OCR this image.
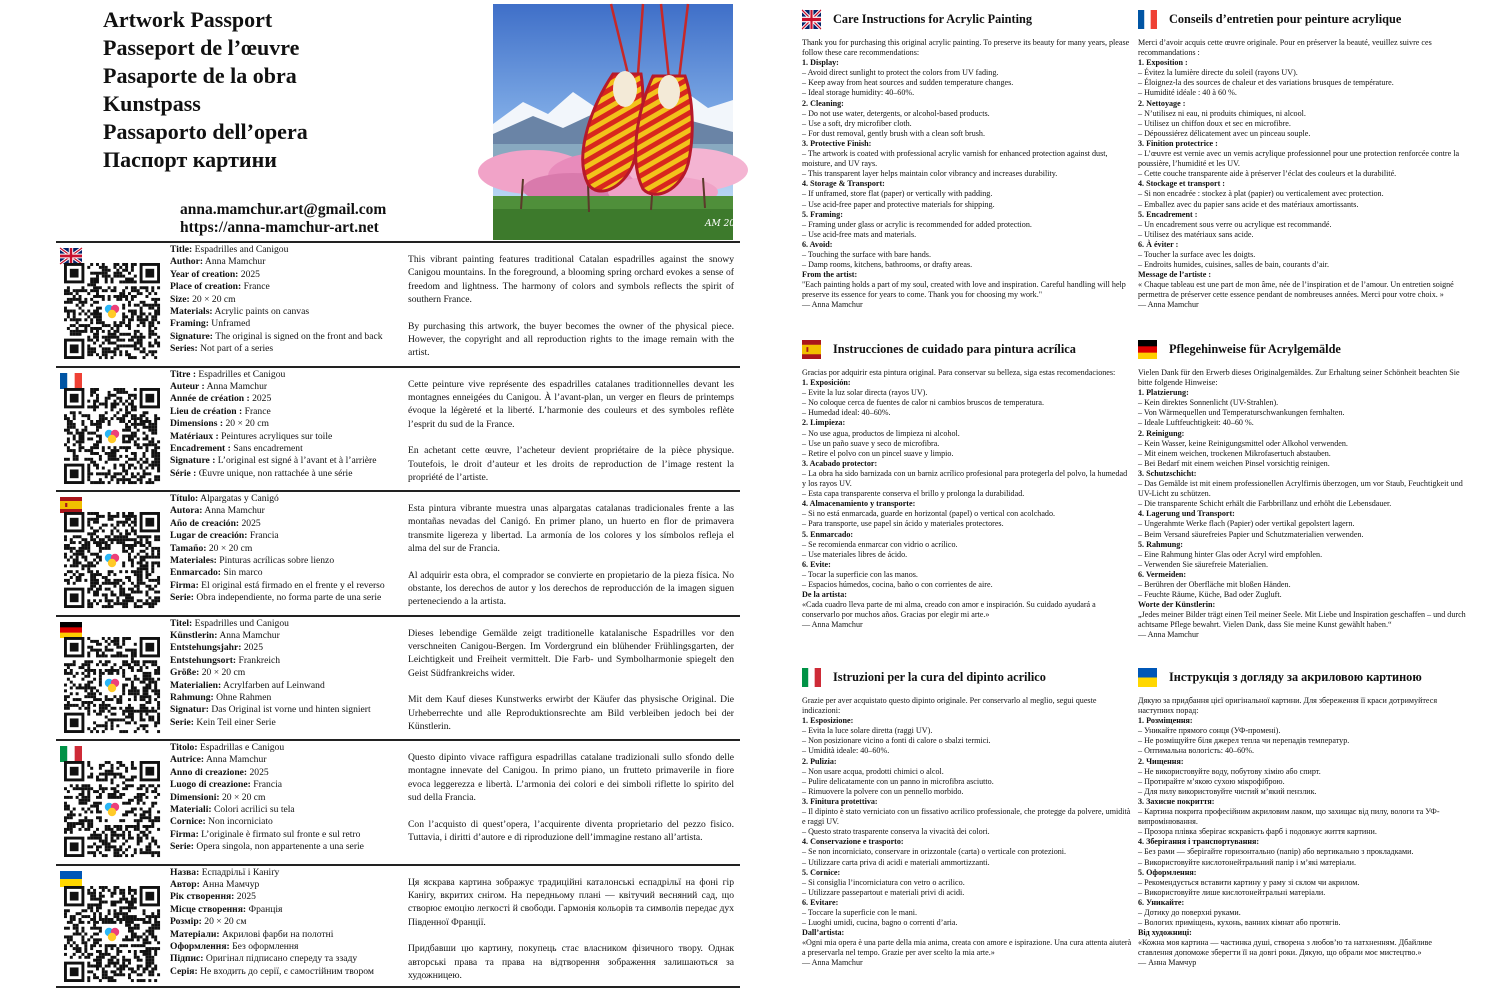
Artwork Passport
Passeport de l’œuvre
Pasaporte de la obra
Kunstpass
Passaporto dell’opera
Паспорт картини
anna.mamchur.art@gmail.com
https://anna-mamchur-art.net	AM 2025
Title: Espadrilles and Canigou
Author: Anna Mamchur
Year of creation: 2025
Place of creation: France
Size: 20 × 20 cm
Materials: Acrylic paints on canvas
Framing: Unframed
Signature: The original is signed on the front and back
Series: Not part of a series

This vibrant painting features traditional Catalan espadrilles against the snowy Canigou mountains. In the foreground, a blooming spring orchard evokes a sense of freedom and lightness. The harmony of colors and symbols reflects the spirit of southern France.

By purchasing this artwork, the buyer becomes the owner of the physical piece. However, the copyright and all reproduction rights to the image remain with the artist.

Titre : Espadrilles et Canigou
Auteur : Anna Mamchur
Année de création : 2025
Lieu de création : France
Dimensions : 20 × 20 cm
Matériaux : Peintures acryliques sur toile
Encadrement : Sans encadrement
Signature : L’original est signé à l’avant et à l’arrière
Série : Œuvre unique, non rattachée à une série

Cette peinture vive représente des espadrilles catalanes traditionnelles devant les montagnes enneigées du Canigou. À l’avant-plan, un verger en fleurs de printemps évoque la légèreté et la liberté. L’harmonie des couleurs et des symboles reflète l’esprit du sud de la France.

En achetant cette œuvre, l’acheteur devient propriétaire de la pièce physique. Toutefois, le droit d’auteur et les droits de reproduction de l’image restent la propriété de l’artiste.

Título: Alpargatas y Canigó
Autora: Anna Mamchur
Año de creación: 2025
Lugar de creación: Francia
Tamaño: 20 × 20 cm
Materiales: Pinturas acrílicas sobre lienzo
Enmarcado: Sin marco
Firma: El original está firmado en el frente y el reverso
Serie: Obra independiente, no forma parte de una serie

Esta pintura vibrante muestra unas alpargatas catalanas tradicionales frente a las montañas nevadas del Canigó. En primer plano, un huerto en flor de primavera transmite ligereza y libertad. La armonía de los colores y los símbolos refleja el alma del sur de Francia.

Al adquirir esta obra, el comprador se convierte en propietario de la pieza física. No obstante, los derechos de autor y los derechos de reproducción de la imagen siguen perteneciendo a la artista.

Titel: Espadrilles und Canigou
Künstlerin: Anna Mamchur
Entstehungsjahr: 2025
Entstehungsort: Frankreich
Größe: 20 × 20 cm
Materialien: Acrylfarben auf Leinwand
Rahmung: Ohne Rahmen
Signatur: Das Original ist vorne und hinten signiert
Serie: Kein Teil einer Serie

Dieses lebendige Gemälde zeigt traditionelle katalanische Espadrilles vor den verschneiten Canigou-Bergen. Im Vordergrund ein blühender Frühlingsgarten, der Leichtigkeit und Freiheit vermittelt. Die Farb- und Symbolharmonie spiegelt den Geist Südfrankreichs wider.

Mit dem Kauf dieses Kunstwerks erwirbt der Käufer das physische Original. Die Urheberrechte und alle Reproduktionsrechte am Bild verbleiben jedoch bei der Künstlerin.

Titolo: Espadrillas e Canigou
Autrice: Anna Mamchur
Anno di creazione: 2025
Luogo di creazione: Francia
Dimensioni: 20 × 20 cm
Materiali: Colori acrilici su tela
Cornice: Non incorniciato
Firma: L’originale è firmato sul fronte e sul retro
Serie: Opera singola, non appartenente a una serie

Questo dipinto vivace raffigura espadrillas catalane tradizionali sullo sfondo delle montagne innevate del Canigou. In primo piano, un frutteto primaverile in fiore evoca leggerezza e libertà. L’armonia dei colori e dei simboli riflette lo spirito del sud della Francia.

Con l’acquisto di quest’opera, l’acquirente diventa proprietario del pezzo fisico. Tuttavia, i diritti d’autore e di riproduzione dell’immagine restano all’artista.

Назва: Еспадрільї і Каніґу
Автор: Анна Мамчур
Рік створення: 2025
Місце створення: Франція
Розмір: 20 × 20 см
Матеріали: Акрилові фарби на полотні
Оформлення: Без оформлення
Підпис: Оригінал підписано спереду та ззаду
Серія: Не входить до серії, є самостійним твором

Ця яскрава картина зображує традиційні каталонські еспадрільї на фоні гір Каніґу, вкритих снігом. На передньому плані — квітучий весняний сад, що створює емоцію легкості й свободи. Гармонія кольорів та символів передає дух Південної Франції.

Придбавши цю картину, покупець стає власником фізичного твору. Однак авторські права та права на відтворення зображення залишаються за художницею.

Care Instructions for Acrylic Painting
Thank you for purchasing this original acrylic painting. To preserve its beauty for many years, please follow these care recommendations:
1. Display:
– Avoid direct sunlight to protect the colors from UV fading.
– Keep away from heat sources and sudden temperature changes.
– Ideal storage humidity: 40–60%.
2. Cleaning:
– Do not use water, detergents, or alcohol-based products.
– Use a soft, dry microfiber cloth.
– For dust removal, gently brush with a clean soft brush.
3. Protective Finish:
– The artwork is coated with professional acrylic varnish for enhanced protection against dust, moisture, and UV rays.
– This transparent layer helps maintain color vibrancy and increases durability.
4. Storage & Transport:
– If unframed, store flat (paper) or vertically with padding.
– Use acid-free paper and protective materials for shipping.
5. Framing:
– Framing under glass or acrylic is recommended for added protection.
– Use acid-free mats and materials.
6. Avoid:
– Touching the surface with bare hands.
– Damp rooms, kitchens, bathrooms, or drafty areas.
From the artist:
"Each painting holds a part of my soul, created with love and inspiration. Careful handling will help preserve its essence for years to come. Thank you for choosing my work."
— Anna Mamchur
Conseils d’entretien pour peinture acrylique
Merci d’avoir acquis cette œuvre originale. Pour en préserver la beauté, veuillez suivre ces recommandations :
1. Exposition :
– Évitez la lumière directe du soleil (rayons UV).
– Éloignez-la des sources de chaleur et des variations brusques de température.
– Humidité idéale : 40 à 60 %.
2. Nettoyage :
– N’utilisez ni eau, ni produits chimiques, ni alcool.
– Utilisez un chiffon doux et sec en microfibre.
– Dépoussiérez délicatement avec un pinceau souple.
3. Finition protectrice :
– L’œuvre est vernie avec un vernis acrylique professionnel pour une protection renforcée contre la poussière, l’humidité et les UV.
– Cette couche transparente aide à préserver l’éclat des couleurs et la durabilité.
4. Stockage et transport :
– Si non encadrée : stockez à plat (papier) ou verticalement avec protection.
– Emballez avec du papier sans acide et des matériaux amortissants.
5. Encadrement :
– Un encadrement sous verre ou acrylique est recommandé.
– Utilisez des matériaux sans acide.
6. À éviter :
– Toucher la surface avec les doigts.
– Endroits humides, cuisines, salles de bain, courants d’air.
Message de l’artiste :
« Chaque tableau est une part de mon âme, née de l’inspiration et de l’amour. Un entretien soigné permettra de préserver cette essence pendant de nombreuses années. Merci pour votre choix. »
— Anna Mamchur
Instrucciones de cuidado para pintura acrílica
Gracias por adquirir esta pintura original. Para conservar su belleza, siga estas recomendaciones:
1. Exposición:
– Evite la luz solar directa (rayos UV).
– No coloque cerca de fuentes de calor ni cambios bruscos de temperatura.
– Humedad ideal: 40–60%.
2. Limpieza:
– No use agua, productos de limpieza ni alcohol.
– Use un paño suave y seco de microfibra.
– Retire el polvo con un pincel suave y limpio.
3. Acabado protector:
– La obra ha sido barnizada con un barniz acrílico profesional para protegerla del polvo, la humedad y los rayos UV.
– Esta capa transparente conserva el brillo y prolonga la durabilidad.
4. Almacenamiento y transporte:
– Si no está enmarcada, guarde en horizontal (papel) o vertical con acolchado.
– Para transporte, use papel sin ácido y materiales protectores.
5. Enmarcado:
– Se recomienda enmarcar con vidrio o acrílico.
– Use materiales libres de ácido.
6. Evite:
– Tocar la superficie con las manos.
– Espacios húmedos, cocina, baño o con corrientes de aire.
De la artista:
«Cada cuadro lleva parte de mi alma, creado con amor e inspiración. Su cuidado ayudará a conservarlo por muchos años. Gracias por elegir mi arte.»
— Anna Mamchur
Pflegehinweise für Acrylgemälde
Vielen Dank für den Erwerb dieses Originalgemäldes. Zur Erhaltung seiner Schönheit beachten Sie bitte folgende Hinweise:
1. Platzierung:
– Kein direktes Sonnenlicht (UV-Strahlen).
– Von Wärmequellen und Temperaturschwankungen fernhalten.
– Ideale Luftfeuchtigkeit: 40–60 %.
2. Reinigung:
– Kein Wasser, keine Reinigungsmittel oder Alkohol verwenden.
– Mit einem weichen, trockenen Mikrofasertuch abstauben.
– Bei Bedarf mit einem weichen Pinsel vorsichtig reinigen.
3. Schutzschicht:
– Das Gemälde ist mit einem professionellen Acrylfirnis überzogen, um vor Staub, Feuchtigkeit und UV-Licht zu schützen.
– Die transparente Schicht erhält die Farbbrillanz und erhöht die Lebensdauer.
4. Lagerung und Transport:
– Ungerahmte Werke flach (Papier) oder vertikal gepolstert lagern.
– Beim Versand säurefreies Papier und Schutzmaterialien verwenden.
5. Rahmung:
– Eine Rahmung hinter Glas oder Acryl wird empfohlen.
– Verwenden Sie säurefreie Materialien.
6. Vermeiden:
– Berühren der Oberfläche mit bloßen Händen.
– Feuchte Räume, Küche, Bad oder Zugluft.
Worte der Künstlerin:
„Jedes meiner Bilder trägt einen Teil meiner Seele. Mit Liebe und Inspiration geschaffen – und durch achtsame Pflege bewahrt. Vielen Dank, dass Sie meine Kunst gewählt haben.“
— Anna Mamchur
Istruzioni per la cura del dipinto acrilico
Grazie per aver acquistato questo dipinto originale. Per conservarlo al meglio, segui queste indicazioni:
1. Esposizione:
– Evita la luce solare diretta (raggi UV).
– Non posizionare vicino a fonti di calore o sbalzi termici.
– Umidità ideale: 40–60%.
2. Pulizia:
– Non usare acqua, prodotti chimici o alcol.
– Pulire delicatamente con un panno in microfibra asciutto.
– Rimuovere la polvere con un pennello morbido.
3. Finitura protettiva:
– Il dipinto è stato verniciato con un fissativo acrilico professionale, che protegge da polvere, umidità e raggi UV.
– Questo strato trasparente conserva la vivacità dei colori.
4. Conservazione e trasporto:
– Se non incorniciato, conservare in orizzontale (carta) o verticale con protezioni.
– Utilizzare carta priva di acidi e materiali ammortizzanti.
5. Cornice:
– Si consiglia l’incorniciatura con vetro o acrilico.
– Utilizzare passepartout e materiali privi di acidi.
6. Evitare:
– Toccare la superficie con le mani.
– Luoghi umidi, cucina, bagno o correnti d’aria.
Dall’artista:
«Ogni mia opera è una parte della mia anima, creata con amore e ispirazione. Una cura attenta aiuterà a preservarla nel tempo. Grazie per aver scelto la mia arte.»
— Anna Mamchur
Інструкція з догляду за акриловою картиною
Дякую за придбання цієї оригінальної картини. Для збереження її краси дотримуйтеся наступних порад:
1. Розміщення:
– Уникайте прямого сонця (УФ-промені).
– Не розміщуйте біля джерел тепла чи перепадів температур.
– Оптимальна вологість: 40–60%.
2. Чищення:
– Не використовуйте воду, побутову хімію або спирт.
– Протирайте м’якою сухою мікрофіброю.
– Для пилу використовуйте чистий м’який пензлик.
3. Захисне покриття:
– Картина покрита професійним акриловим лаком, що захищає від пилу, вологи та УФ-випромінювання.
– Прозора плівка зберігає яскравість фарб і подовжує життя картини.
4. Зберігання і транспортування:
– Без рами — зберігайте горизонтально (папір) або вертикально з прокладками.
– Використовуйте кислотонейтральний папір і м’які матеріали.
5. Оформлення:
– Рекомендується вставити картину у раму зі склом чи акрилом.
– Використовуйте лише кислотонейтральні матеріали.
6. Уникайте:
– Дотику до поверхні руками.
– Вологих приміщень, кухонь, ванних кімнат або протягів.
Від художниці:
«Кожна моя картина — частинка душі, створена з любов’ю та натхненням. Дбайливе ставлення допоможе зберегти її на довгі роки. Дякую, що обрали моє мистецтво.»
— Анна Мамчур
